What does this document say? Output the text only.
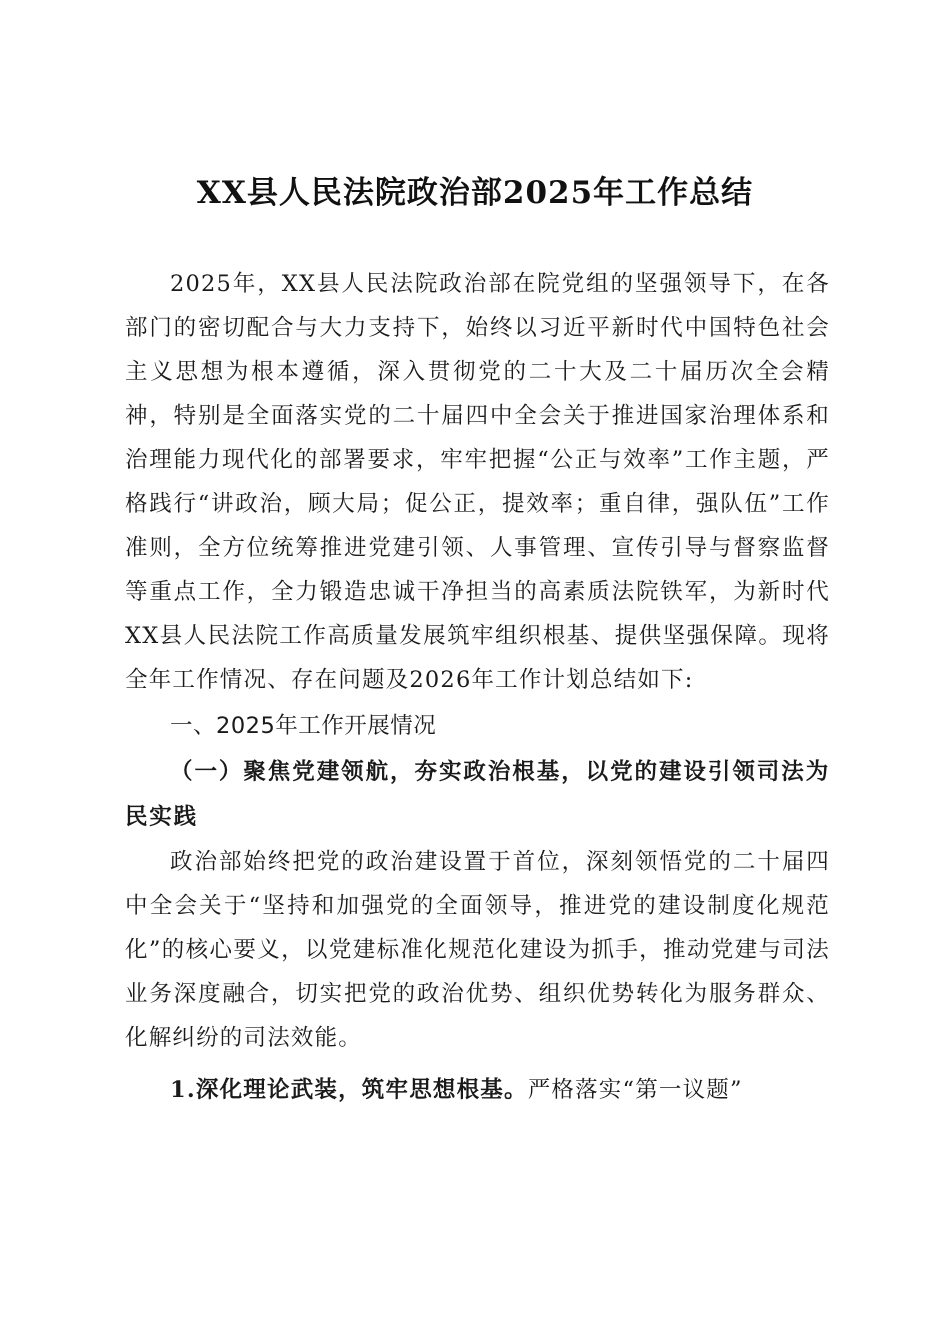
XX县人民法院政治部2025年工作总结

2025年，XX县人民法院政治部在院党组的坚强领导下，在各部门的密切配合与大力支持下，始终以习近平新时代中国特色社会主义思想为根本遵循，深入贯彻党的二十大及二十届历次全会精神，特别是全面落实党的二十届四中全会关于推进国家治理体系和治理能力现代化的部署要求，牢牢把握“公正与效率”工作主题，严格践行“讲政治，顾大局；促公正，提效率；重自律，强队伍”工作准则，全方位统筹推进党建引领、人事管理、宣传引导与督察监督等重点工作，全力锻造忠诚干净担当的高素质法院铁军，为新时代XX县人民法院工作高质量发展筑牢组织根基、提供坚强保障。现将全年工作情况、存在问题及2026年工作计划总结如下:

一、2025年工作开展情况

（一）聚焦党建领航，夯实政治根基，以党的建设引领司法为民实践

政治部始终把党的政治建设置于首位，深刻领悟党的二十届四中全会关于“坚持和加强党的全面领导，推进党的建设制度化规范化”的核心要义，以党建标准化规范化建设为抓手，推动党建与司法业务深度融合，切实把党的政治优势、组织优势转化为服务群众、化解纠纷的司法效能。

1.深化理论武装，筑牢思想根基。严格落实“第一议题”
